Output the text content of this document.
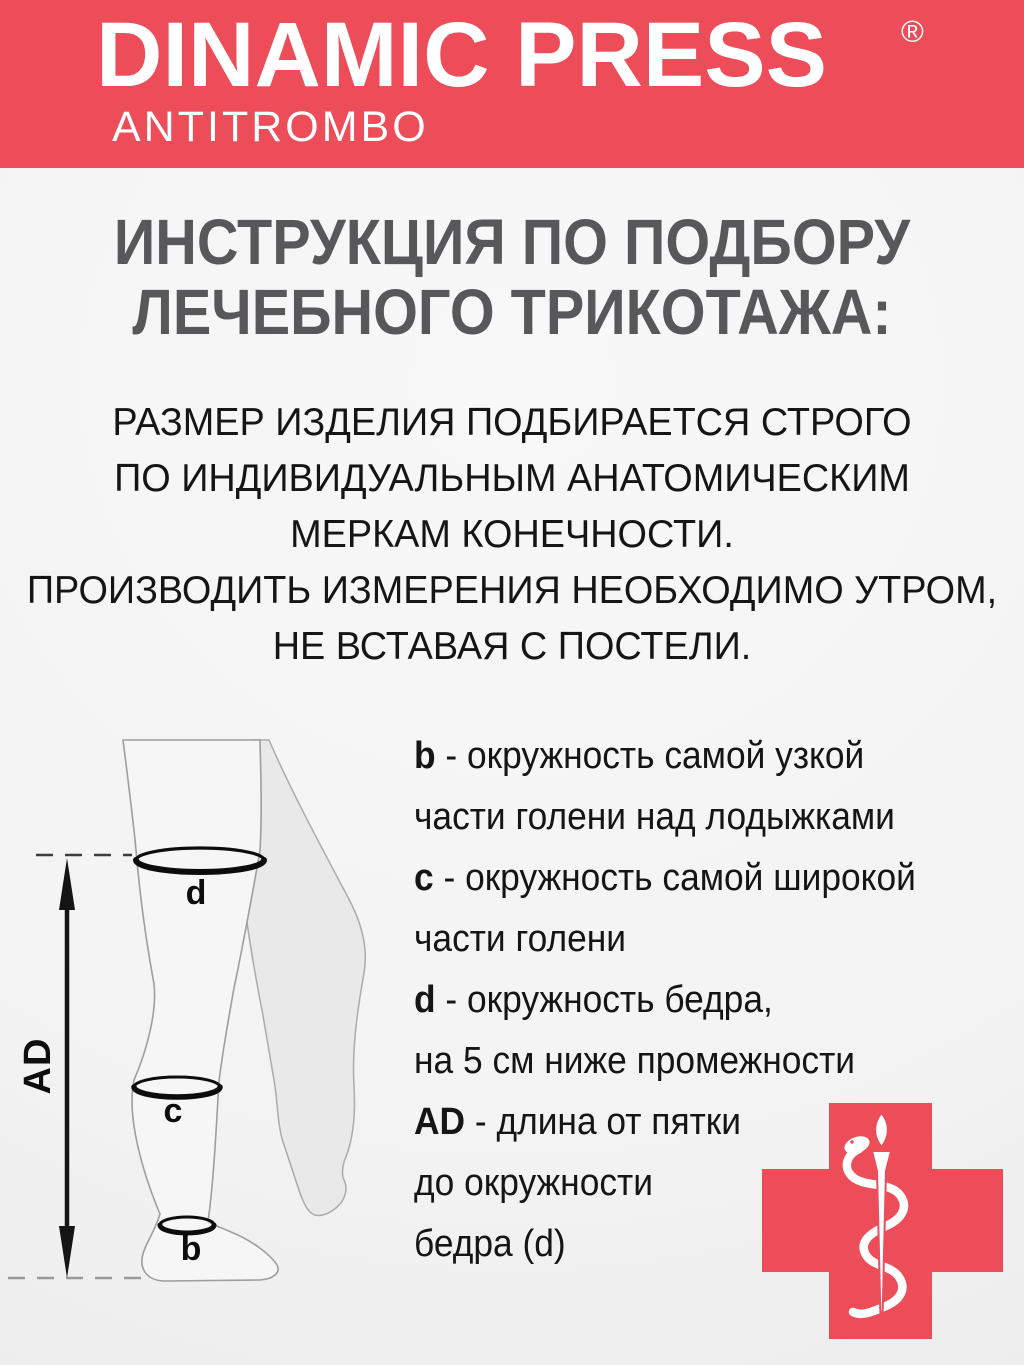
DINAMIC PRESS ®
ANTITROMBO
ИНСТРУКЦИЯ ПО ПОДБОРУ
ЛЕЧЕБНОГО ТРИКОТАЖА:
РАЗМЕР ИЗДЕЛИЯ ПОДБИРАЕТСЯ СТРОГО
ПО ИНДИВИДУАЛЬНЫМ АНАТОМИЧЕСКИМ
МЕРКАМ КОНЕЧНОСТИ.
ПРОИЗВОДИТЬ ИЗМЕРЕНИЯ НЕОБХОДИМО УТРОМ,
НЕ ВСТАВАЯ С ПОСТЕЛИ.
d
c
b
AD
b - окружность самой узкой
части голени над лодыжками
c - окружность самой широкой
части голени
d - окружность бедра,
на 5 см ниже промежности
AD - длина от пятки
до окружности
бедра (d)
